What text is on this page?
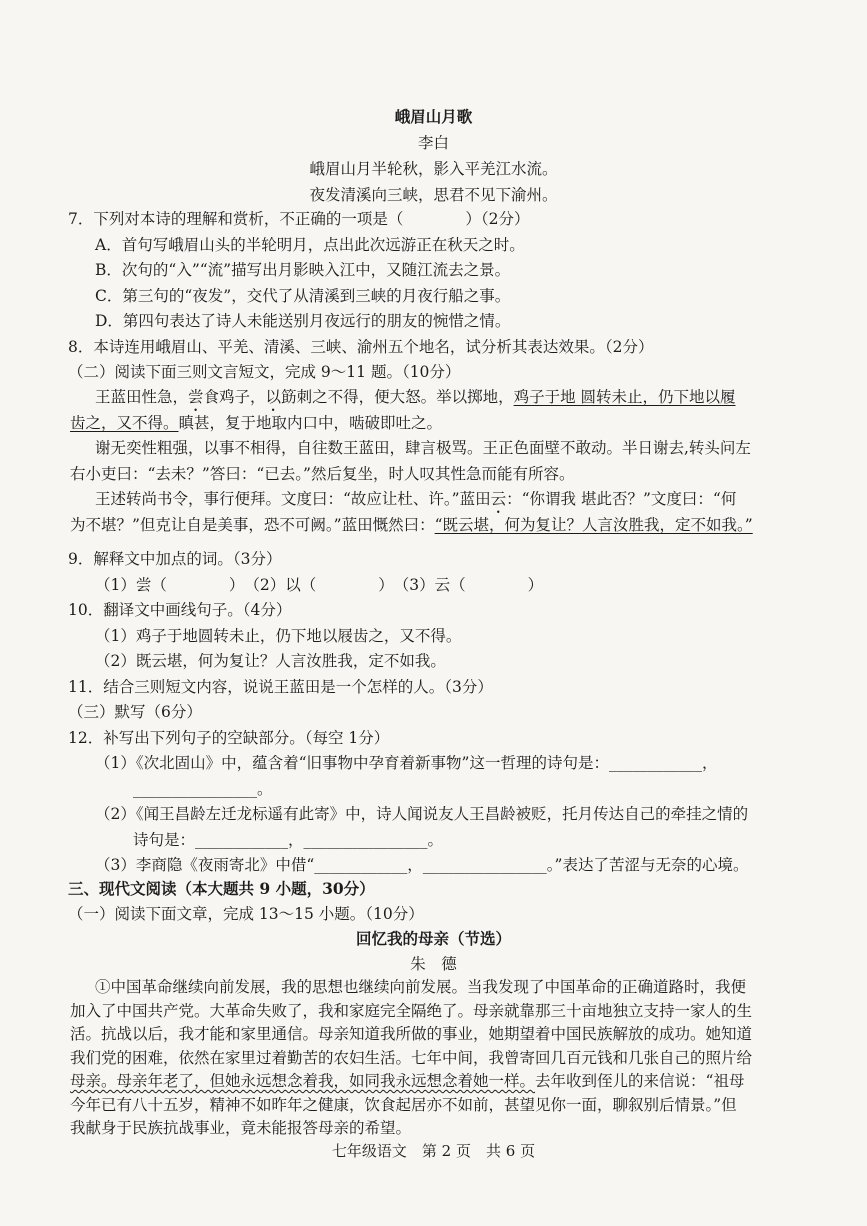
峨眉山月歌
李白
峨眉山月半轮秋，影入平羌江水流。
夜发清溪向三峡，思君不见下渝州。
7．下列对本诗的理解和赏析，不正确的一项是（　　　　）（2分）
A．首句写峨眉山头的半轮明月，点出此次远游正在秋天之时。
B．次句的“入”“流”描写出月影映入江中，又随江流去之景。
C．第三句的“夜发”，交代了从清溪到三峡的月夜行船之事。
D．第四句表达了诗人未能送别月夜远行的朋友的惋惜之情。
8．本诗连用峨眉山、平羌、清溪、三峡、渝州五个地名，试分析其表达效果。（2分）
（二）阅读下面三则文言短文，完成 9～11 题。（10分）
王蓝田性急，尝食鸡子，以筯刺之不得，便大怒。举以掷地，鸡子于地 圆转未止，仍下地以履
齿之，又不得。瞋甚，复于地取内口中，啮破即吐之。
谢无奕性粗强，以事不相得，自往数王蓝田，肆言极骂。王正色面壁不敢动。半日谢去,转头问左
右小吏曰：“去未？”答曰：“已去。”然后复坐，时人叹其性急而能有所容。
王述转尚书令，事行便拜。文度曰：“故应让杜、许。”蓝田云：“你谓我 堪此否？”文度曰：“何
为不堪？”但克让自是美事，恐不可阙。”蓝田慨然曰：“既云堪，何为复让？人言汝胜我，定不如我。”
9．解释文中加点的词。（3分）
（1）尝（　　　　）　（2）以（　　　　）　（3）云（　　　　）
10．翻译文中画线句子。（4分）
（1）鸡子于地圆转未止，仍下地以屐齿之，又不得。
（2）既云堪，何为复让？人言汝胜我，定不如我。
11．结合三则短文内容，说说王蓝田是一个怎样的人。（3分）
（三）默写（6分）
12．补写出下列句子的空缺部分。（每空 1分）
（1）《次北固山》中，蕴含着“旧事物中孕育着新事物”这一哲理的诗句是：____________，
________________。
（2）《闻王昌龄左迁龙标遥有此寄》中，诗人闻说友人王昌龄被贬，托月传达自己的牵挂之情的
诗句是：____________，________________。
（3）李商隐《夜雨寄北》中借“____________，________________。”表达了苦涩与无奈的心境。
三、现代文阅读（本大题共 9 小题，30分）
（一）阅读下面文章，完成 13～15 小题。（10分）
回忆我的母亲（节选）
朱　德
①中国革命继续向前发展，我的思想也继续向前发展。当我发现了中国革命的正确道路时，我便
加入了中国共产党。大革命失败了，我和家庭完全隔绝了。母亲就靠那三十亩地独立支持一家人的生
活。抗战以后，我才能和家里通信。母亲知道我所做的事业，她期望着中国民族解放的成功。她知道
我们党的困难，依然在家里过着勤苦的农妇生活。七年中间，我曾寄回几百元钱和几张自己的照片给
母亲。母亲年老了，但她永远想念着我，如同我永远想念着她一样。去年收到侄儿的来信说：“祖母
今年已有八十五岁，精神不如昨年之健康，饮食起居亦不如前，甚望见你一面，聊叙别后情景。”但
七年级语文　第 2 页　共 6 页
我献身于民族抗战事业，竟未能报答母亲的希望。
